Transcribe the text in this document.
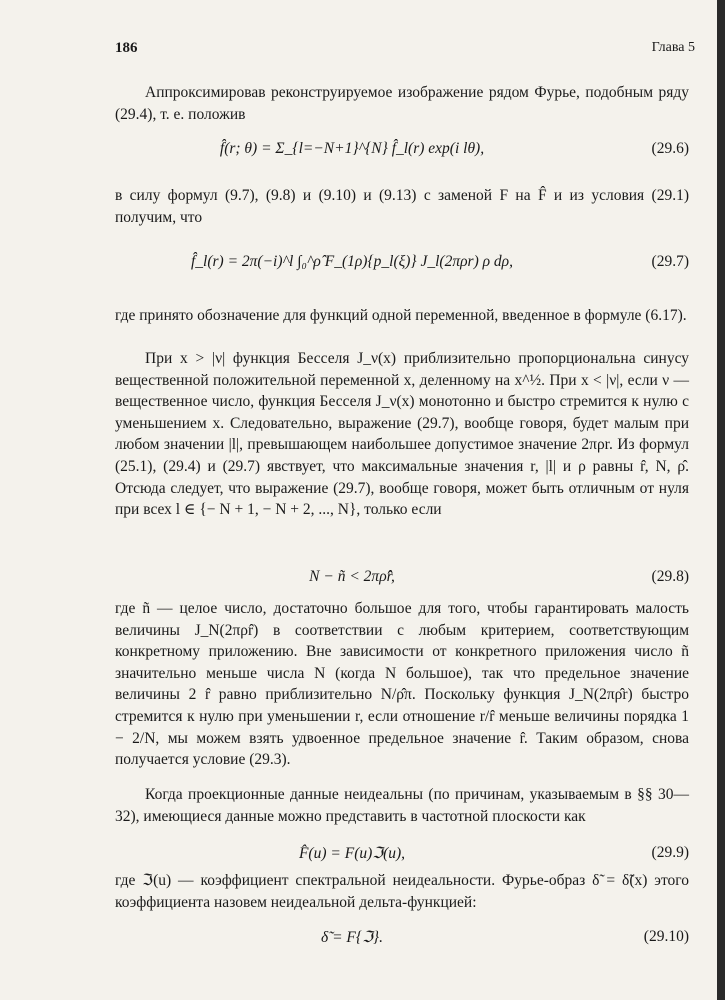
186	Глава 5

Аппроксимировав реконструируемое изображение рядом Фурье, подобным ряду (29.4), т. е. положив

f̂(r; θ) = Σ_{l=−N+1}^{N} f̂_l(r) exp(i lθ),	(29.6)

в силу формул (9.7), (9.8) и (9.10) и (9.13) с заменой F на F̂ и из условия (29.1) получим, что

f̂_l(r) = 2π(−i)^l ∫₀^ρ̂ F_(1ρ){p_l(ξ)} J_l(2πρr) ρ dρ,	(29.7)

где принято обозначение для функций одной переменной, введенное в формуле (6.17).

При x > |ν| функция Бесселя J_ν(x) приблизительно пропорциональна синусу вещественной положительной переменной x, деленному на x^½. При x < |ν|, если ν — вещественное число, функция Бесселя J_ν(x) монотонно и быстро стремится к нулю с уменьшением x. Следовательно, выражение (29.7), вообще говоря, будет малым при любом значении |l|, превышающем наибольшее допустимое значение 2πρr. Из формул (25.1), (29.4) и (29.7) явствует, что максимальные значения r, |l| и ρ равны r̂, N, ρ̂. Отсюда следует, что выражение (29.7), вообще говоря, может быть отличным от нуля при всех l ∈ {− N + 1, − N + 2, ..., N}, только если

N − ñ < 2πρ̂r̂,	(29.8)

где ñ — целое число, достаточно большое для того, чтобы гарантировать малость величины J_N(2πρr̂) в соответствии с любым критерием, соответствующим конкретному приложению. Вне зависимости от конкретного приложения число ñ значительно меньше числа N (когда N большое), так что предельное значение величины 2 r̂ равно приблизительно N/ρ̂π. Поскольку функция J_N(2πρ̂r) быстро стремится к нулю при уменьшении r, если отношение r/r̂ меньше величины порядка 1 − 2/N, мы можем взять удвоенное предельное значение r̂. Таким образом, снова получается условие (29.3).

Когда проекционные данные неидеальны (по причинам, указываемым в §§ 30—32), имеющиеся данные можно представить в частотной плоскости как

F̂(u) = F(u)ℑ(u),	(29.9)

где ℑ(u) — коэффициент спектральной неидеальности. Фурье-образ δ̃ = δ̃(x) этого коэффициента назовем неидеальной дельта-функцией:

δ̃ = F{ℑ}.	(29.10)
